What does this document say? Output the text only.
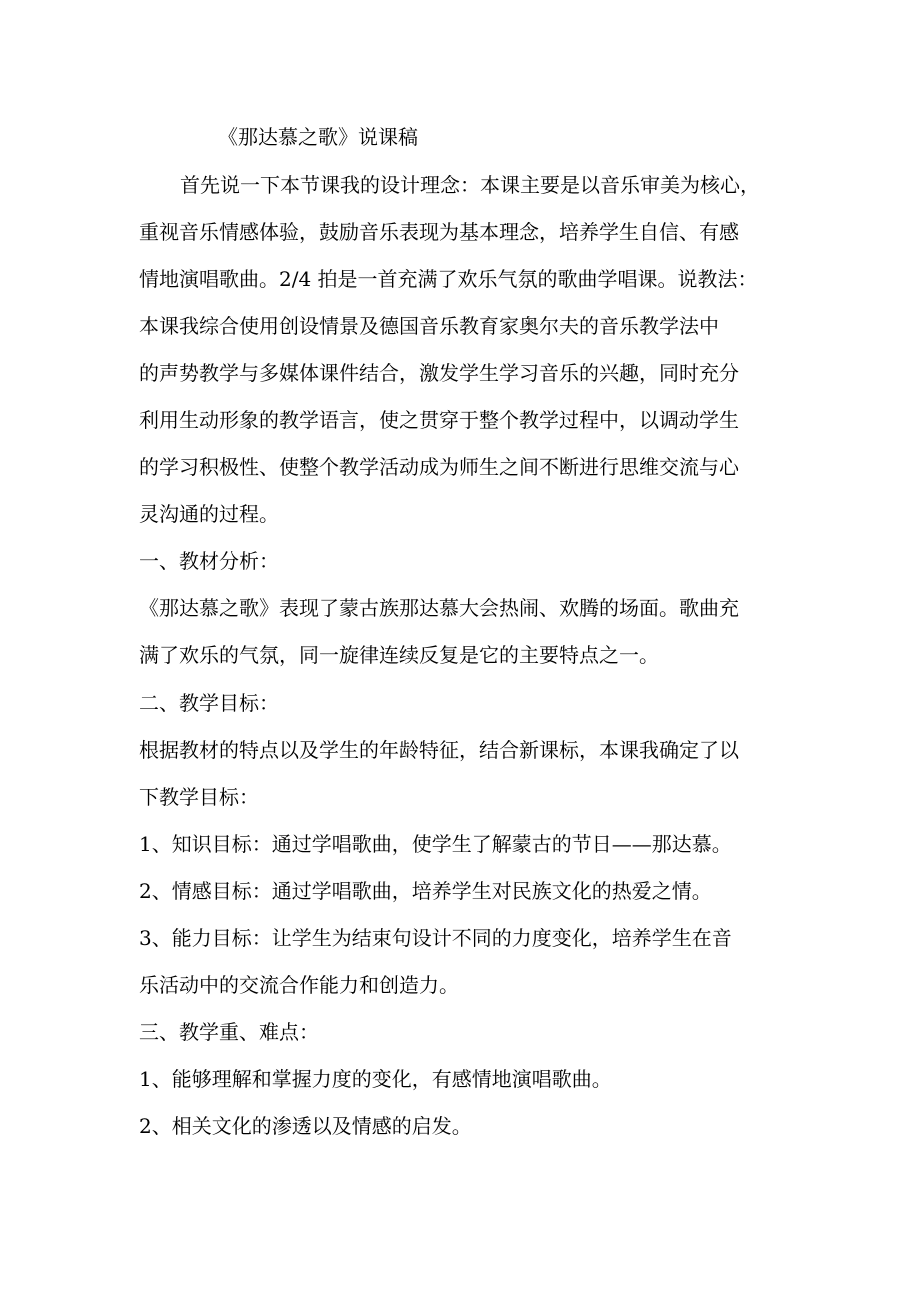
《那达慕之歌》说课稿
首先说一下本节课我的设计理念：本课主要是以音乐审美为核心，
重视音乐情感体验，鼓励音乐表现为基本理念，培养学生自信、有感
情地演唱歌曲。2/4 拍是一首充满了欢乐气氛的歌曲学唱课。说教法：
本课我综合使用创设情景及德国音乐教育家奥尔夫的音乐教学法中
的声势教学与多媒体课件结合，激发学生学习音乐的兴趣，同时充分
利用生动形象的教学语言，使之贯穿于整个教学过程中，以调动学生
的学习积极性、使整个教学活动成为师生之间不断进行思维交流与心
灵沟通的过程。
一、教材分析：
《那达慕之歌》表现了蒙古族那达慕大会热闹、欢腾的场面。歌曲充
满了欢乐的气氛，同一旋律连续反复是它的主要特点之一。
二、教学目标：
根据教材的特点以及学生的年龄特征，结合新课标，本课我确定了以
下教学目标：
1、知识目标：通过学唱歌曲，使学生了解蒙古的节日——那达慕。
2、情感目标：通过学唱歌曲，培养学生对民族文化的热爱之情。
3、能力目标：让学生为结束句设计不同的力度变化，培养学生在音
乐活动中的交流合作能力和创造力。
三、教学重、难点：
1、能够理解和掌握力度的变化，有感情地演唱歌曲。
2、相关文化的渗透以及情感的启发。
